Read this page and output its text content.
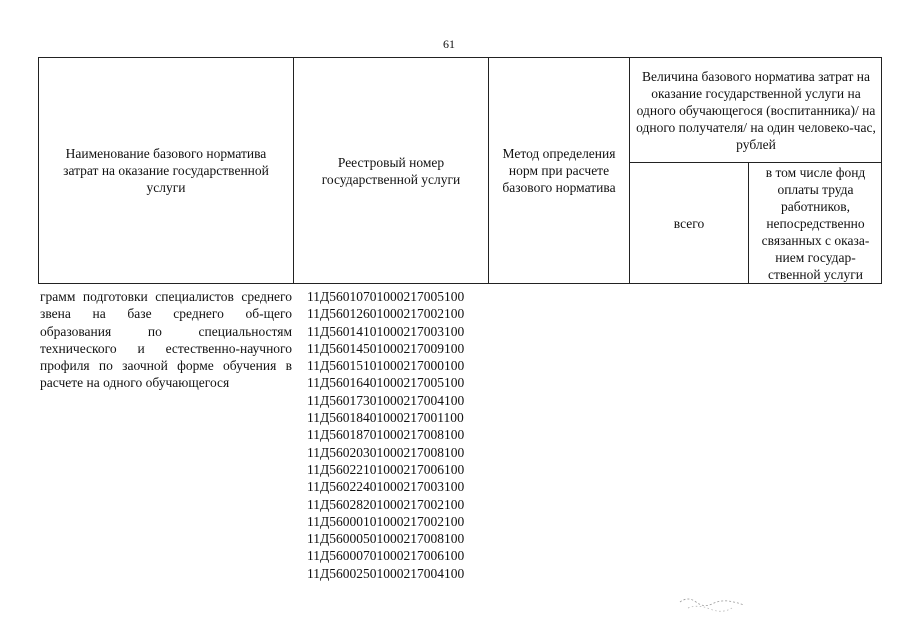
61
Наименование базового норматива затрат на оказание государственной услуги
Реестровый номер государственной услуги
Метод определения норм при расчете базового норматива
Величина базового норматива затрат на оказание государственной услуги на одного обучающегося (воспитанника)/ на одного получателя/ на один человеко-час, рублей
всего
в том числе фонд оплаты труда работников, непосредственно связанных с оказа-нием государ-ственной услуги
грамм подготовки специалистов среднего звена на базе среднего об-щего образования по специальностям технического и естественно-научного профиля по заочной форме обучения в расчете на одного обучающегося
11Д56010701000217005100
11Д56012601000217002100
11Д56014101000217003100
11Д56014501000217009100
11Д56015101000217000100
11Д56016401000217005100
11Д56017301000217004100
11Д56018401000217001100
11Д56018701000217008100
11Д56020301000217008100
11Д56022101000217006100
11Д56022401000217003100
11Д56028201000217002100
11Д56000101000217002100
11Д56000501000217008100
11Д56000701000217006100
11Д56002501000217004100
